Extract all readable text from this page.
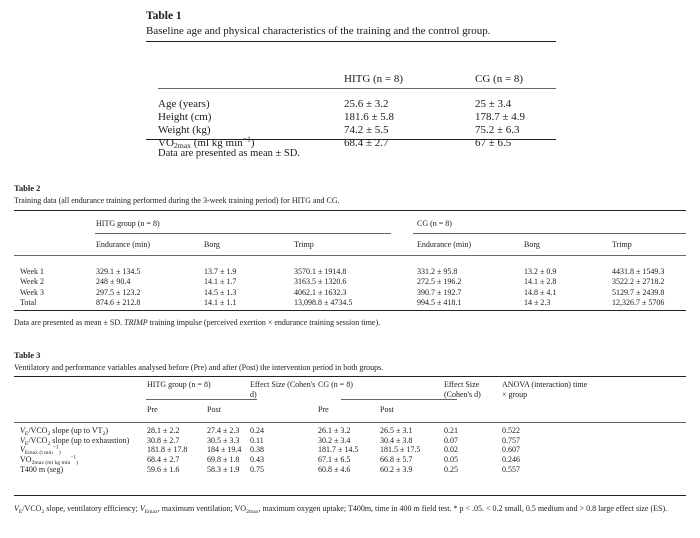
Table 1
Baseline age and physical characteristics of the training and the control group.
	HITG (n = 8)	CG (n = 8)
Age (years)	25.6 ± 3.2	25 ± 3.4
Height (cm)	181.6 ± 5.8	178.7 ± 4.9
Weight (kg)	74.2 ± 5.5	75.2 ± 6.3
$VO_{2max}$ (ml kg $\min^{-1}$)	68.4 ± 2.7	67 ± 6.5
Data are presented as mean ± SD.
Table 2
Training data (all endurance training performed during the 3-week training period) for HITG and CG.
	HITG group (n = 8)			CG (n = 8)		
	Endurance (min)	Borg	Trimp	Endurance (min)	Borg	Trimp
Week 1	329.1 ± 134.5	13.7 ± 1.9	3570.1 ± 1914.8	331.2 ± 95.8	13.2 ± 0.9	4431.8 ± 1549.3
Week 2	248 ± 90.4	14.1 ± 1.7	3163.5 ± 1320.6	272.5 ± 196.2	14.1 ± 2.8	3522.2 ± 2718.2
Week 3	297.5 ± 123.2	14.5 ± 1.3	4062.1 ± 1632.3	390.7 ± 192.7	14.8 ± 4.1	5129.7 ± 2439.8
Total	874.6 ± 212.8	14.1 ± 1.1	13,098.8 ± 4734.5	994.5 ± 418.1	14 ± 2.3	12,326.7 ± 5706
Data are presented as mean ± SD. TRIMP training impulse (perceived exertion × endurance training session time).
Table 3
Ventilatory and performance variables analysed before (Pre) and after (Post) the intervention period in both groups.
	HITG group (n = 8)		Effect Size (Cohen's d)	CG (n = 8)		Effect Size (Cohen's d)	ANOVA (interaction) time × group
	Pre	Post		Pre	Post		
$V_E/VCO_2$ slope (up to $VT_2$)	28.1 ± 2.2	27.4 ± 2.3	0.24	26.1 ± 3.2	26.5 ± 3.1	0.21	0.522
$V_E/VCO_2$ slope (up to exhaustion)	30.8 ± 2.7	30.5 ± 3.3	0.11	30.2 ± 3.4	30.4 ± 3.8	0.07	0.757
$V_{Emax}$ $_{(l min}^{-1}_)$	181.8 ± 17.8	184 ± 19.4	0.38	181.7 ± 14.5	181.5 ± 17.5	0.02	0.607
$VO_{2max}$ $_{(ml kg min}^{-1}_)$	68.4 ± 2.7	69.8 ± 1.8	0.43	67.1 ± 6.5	66.8 ± 5.7	0.05	0.246
T400 m (seg)	59.6 ± 1.6	58.3 ± 1.9	0.75	60.8 ± 4.6	60.2 ± 3.9	0.25	0.557
$V_E/VCO_2$ slope, ventilatory efficiency; $V_{Emax}$, maximum ventilation; $VO_{2max}$, maximum oxygen uptake; T400m, time in 400 m field test. * p < .05. < 0.2 small, 0.5 medium and > 0.8 large effect size (ES).
